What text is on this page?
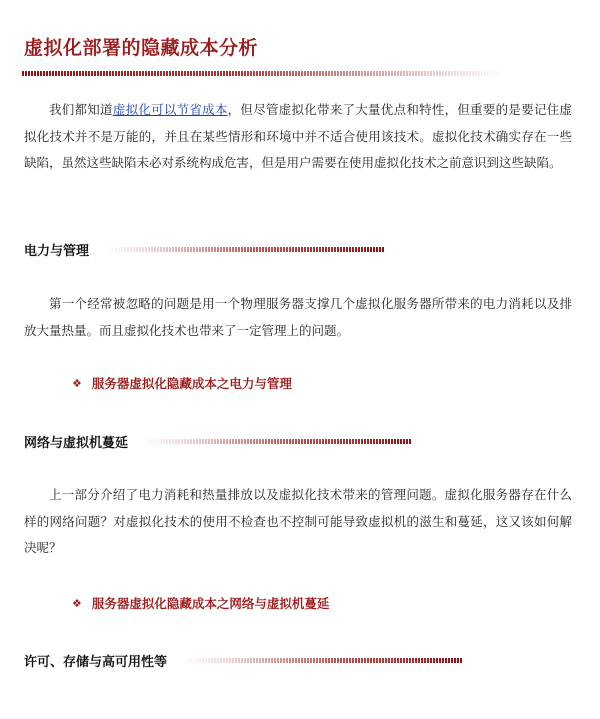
虚拟化部署的隐藏成本分析

我们都知道虚拟化可以节省成本，但尽管虚拟化带来了大量优点和特性，但重要的是要记住虚拟化技术并不是万能的，并且在某些情形和环境中并不适合使用该技术。虚拟化技术确实存在一些缺陷，虽然这些缺陷未必对系统构成危害，但是用户需要在使用虚拟化技术之前意识到这些缺陷。

电力与管理

第一个经常被忽略的问题是用一个物理服务器支撑几个虚拟化服务器所带来的电力消耗以及排放大量热量。而且虚拟化技术也带来了一定管理上的问题。

❖ 服务器虚拟化隐藏成本之电力与管理
网络与虚拟机蔓延

上一部分介绍了电力消耗和热量排放以及虚拟化技术带来的管理问题。虚拟化服务器存在什么样的网络问题？对虚拟化技术的使用不检查也不控制可能导致虚拟机的滋生和蔓延，这又该如何解决呢？

❖ 服务器虚拟化隐藏成本之网络与虚拟机蔓延
许可、存储与高可用性等
